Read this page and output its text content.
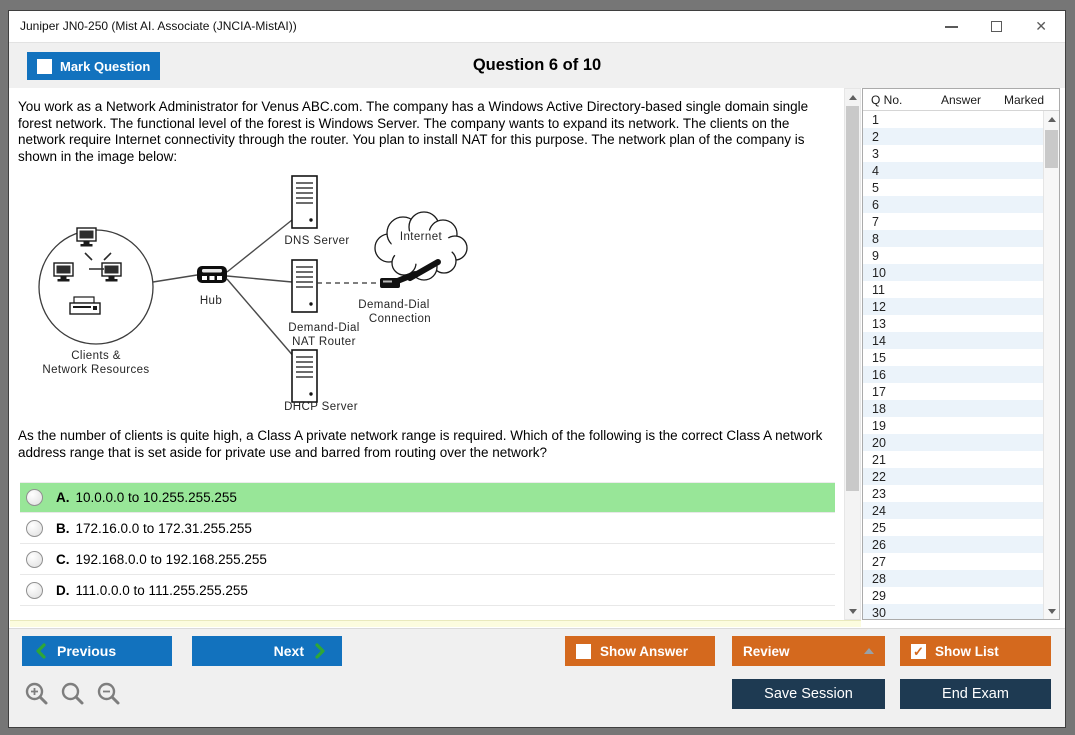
Juniper JN0-250 (Mist AI. Associate (JNCIA-MistAI))	✕
Question 6 of 10
Mark Question
You work as a Network Administrator for Venus ABC.com. The company has a Windows Active Directory-based single domain single forest network. The functional level of the forest is Windows Server. The company wants to expand its network. The clients on the network require Internet connectivity through the router. You plan to install NAT for this purpose. The network plan of the company is shown in the image below:
Clients &
Network Resources
Hub
DNS Server
Demand-Dial
NAT Router
DHCP Server
Internet
Demand-Dial
Connection
As the number of clients is quite high, a Class A private network range is required. Which of the following is the correct Class A network address range that is set aside for private use and barred from routing over the network?
A. 10.0.0.0 to 10.255.255.255
B. 172.16.0.0 to 172.31.255.255
C. 192.168.0.0 to 192.168.255.255
D. 111.0.0.0 to 111.255.255.255
Q No.	Answer	Marked
1
2
3
4
5
6
7
8
9
10
11
12
13
14
15
16
17
18
19
20
21
22
23
24
25
26
27
28
29
30
Previous	Next	Show Answer	Review ✓	Show List
Save Session	End Exam
